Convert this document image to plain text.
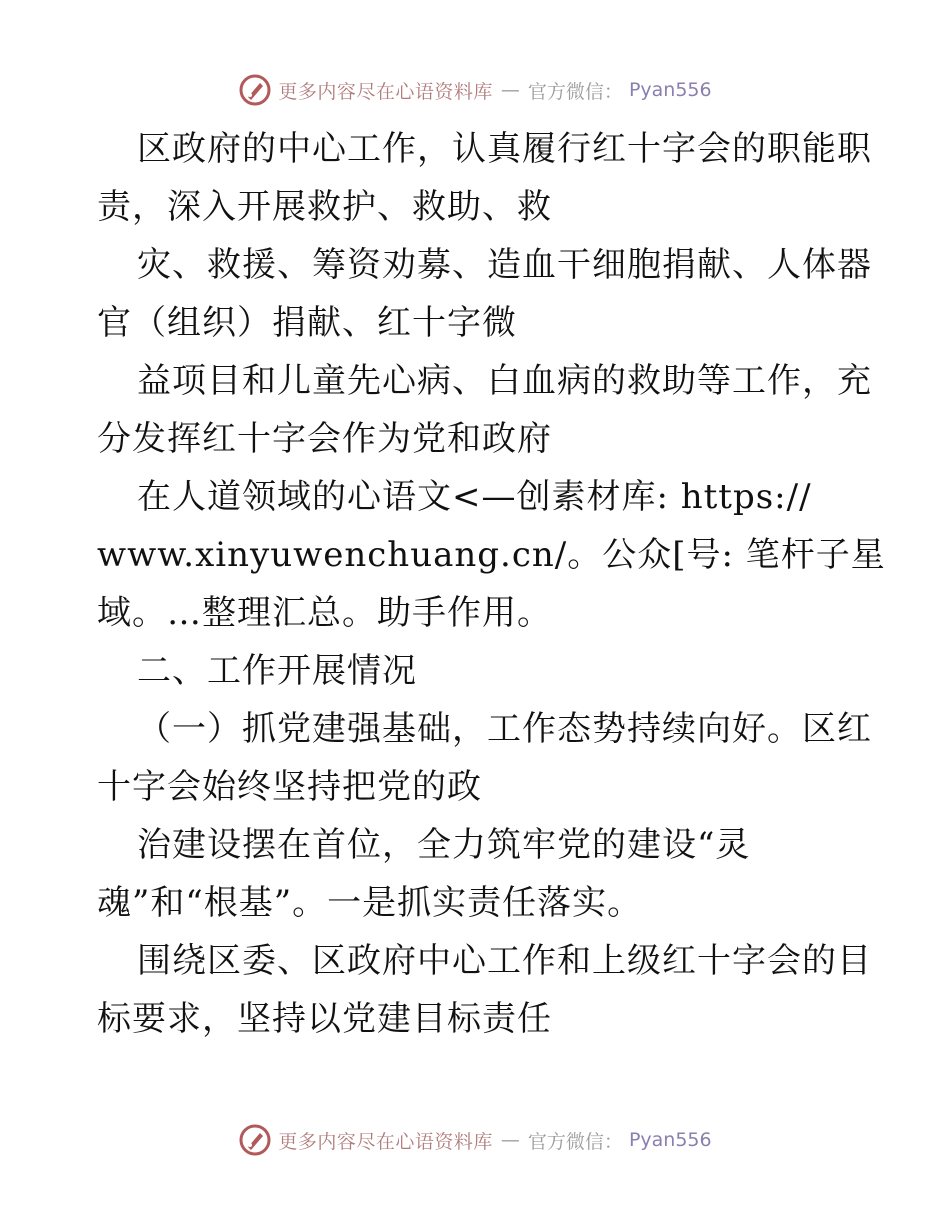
更多内容尽在心语资料库 — 官方微信： Pyan556
区政府的中心工作，认真履行红十字会的职能职
责，深入开展救护、救助、救
灾、救援、筹资劝募、造血干细胞捐献、人体器
官（组织）捐献、红十字微
益项目和儿童先心病、白血病的救助等工作，充
分发挥红十字会作为党和政府
在人道领域的心语文<—创素材库: https://
www.xinyuwenchuang.cn/。公众[号: 笔杆子星
域。…整理汇总。助手作用。
二、工作开展情况
（一）抓党建强基础，工作态势持续向好。区红
十字会始终坚持把党的政
治建设摆在首位，全力筑牢党的建设“灵
魂”和“根基”。一是抓实责任落实。
围绕区委、区政府中心工作和上级红十字会的目
标要求，坚持以党建目标责任
更多内容尽在心语资料库 — 官方微信： Pyan556
